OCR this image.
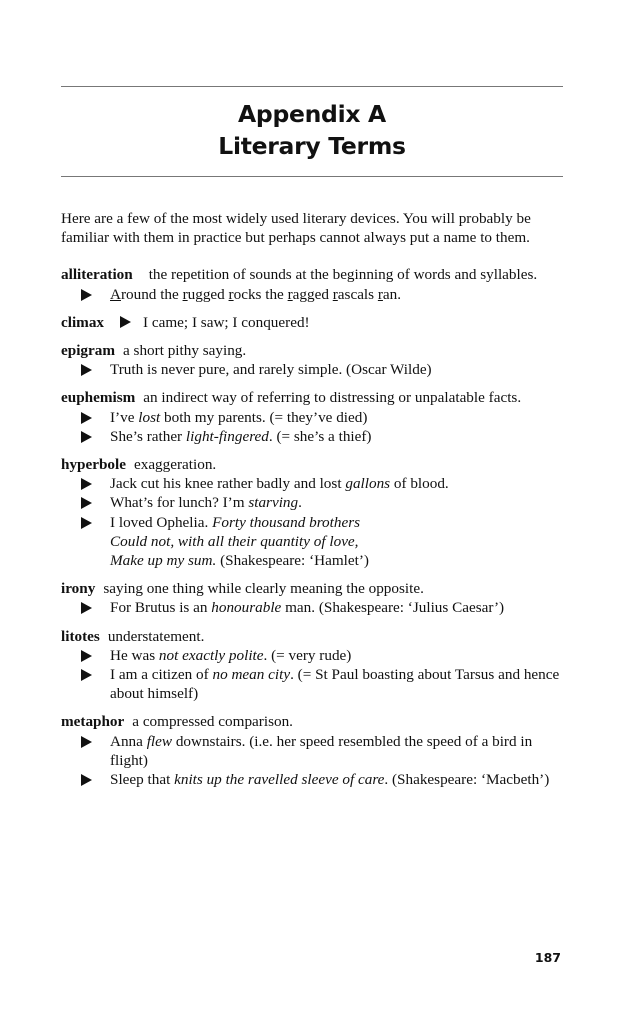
Appendix A
Literary Terms

Here are a few of the most widely used literary devices. You will probably be familiar with them in practice but perhaps cannot always put a name to them.

alliteration the repetition of sounds at the beginning of words and syllables.
Around the rugged rocks the ragged rascals ran.
climax	I came; I saw; I conquered!
epigram a short pithy saying.
Truth is never pure, and rarely simple. (Oscar Wilde)
euphemism an indirect way of referring to distressing or unpalatable facts.
I’ve lost both my parents. (= they’ve died)
She’s rather light-fingered. (= she’s a thief)
hyperbole exaggeration.
Jack cut his knee rather badly and lost gallons of blood.
What’s for lunch? I’m starving.
I loved Ophelia. Forty thousand brothers
Could not, with all their quantity of love,
Make up my sum. (Shakespeare: ‘Hamlet’)
irony saying one thing while clearly meaning the opposite.
For Brutus is an honourable man. (Shakespeare: ‘Julius Caesar’)
litotes understatement.
He was not exactly polite. (= very rude)
I am a citizen of no mean city. (= St Paul boasting about Tarsus and hence about himself)
metaphor a compressed comparison.
Anna flew downstairs. (i.e. her speed resembled the speed of a bird in flight)
Sleep that knits up the ravelled sleeve of care. (Shakespeare: ‘Macbeth’)
187
